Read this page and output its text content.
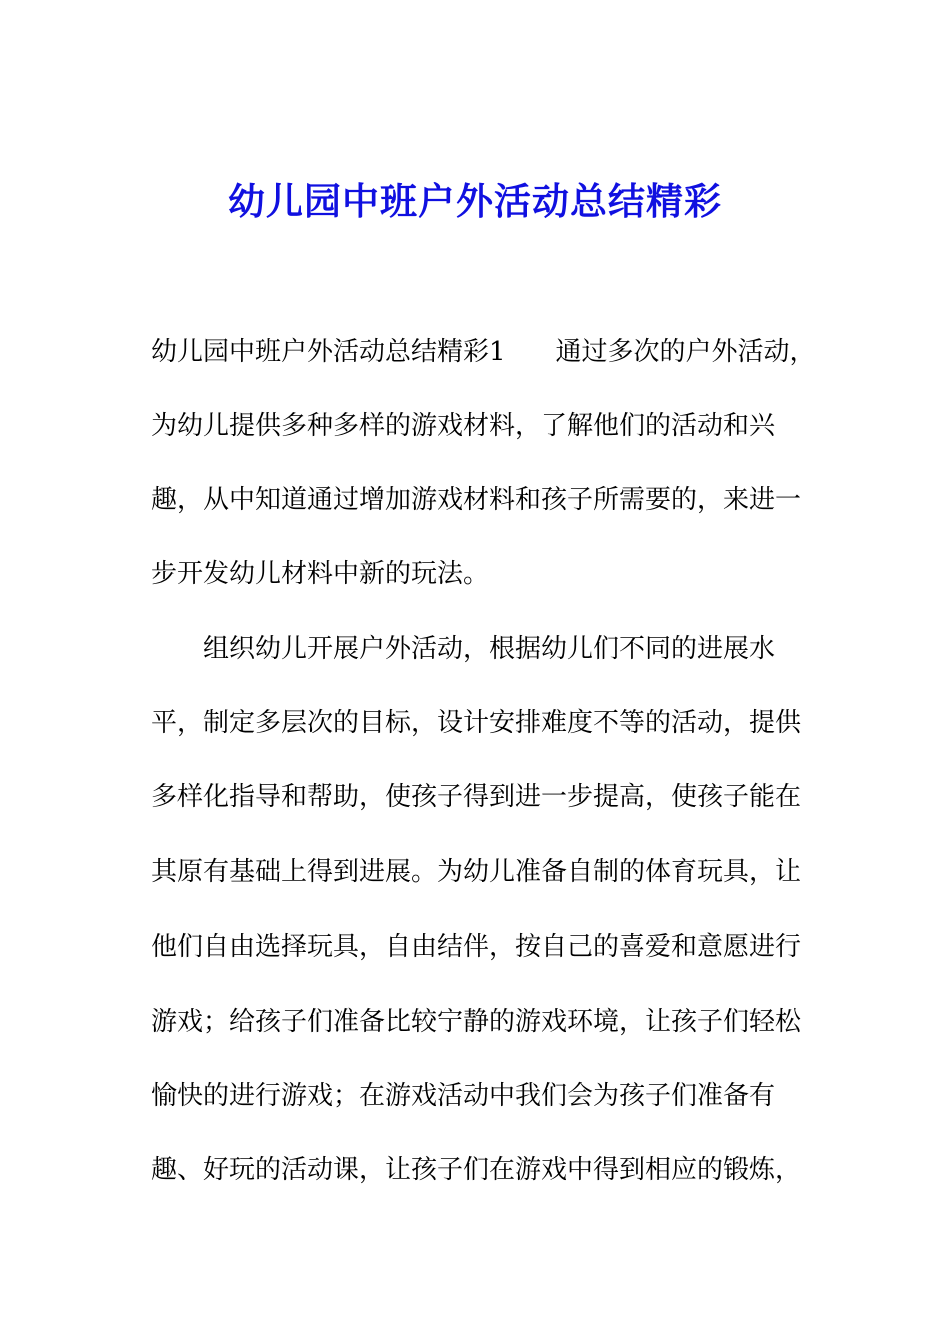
幼儿园中班户外活动总结精彩
幼儿园中班户外活动总结精彩1 通过多次的户外活动，
为幼儿提供多种多样的游戏材料，了解他们的活动和兴
趣，从中知道通过增加游戏材料和孩子所需要的，来进一
步开发幼儿材料中新的玩法。
组织幼儿开展户外活动，根据幼儿们不同的进展水
平，制定多层次的目标，设计安排难度不等的活动，提供
多样化指导和帮助，使孩子得到进一步提高，使孩子能在
其原有基础上得到进展。为幼儿准备自制的体育玩具，让
他们自由选择玩具，自由结伴，按自己的喜爱和意愿进行
游戏；给孩子们准备比较宁静的游戏环境，让孩子们轻松
愉快的进行游戏；在游戏活动中我们会为孩子们准备有
趣、好玩的活动课，让孩子们在游戏中得到相应的锻炼，
